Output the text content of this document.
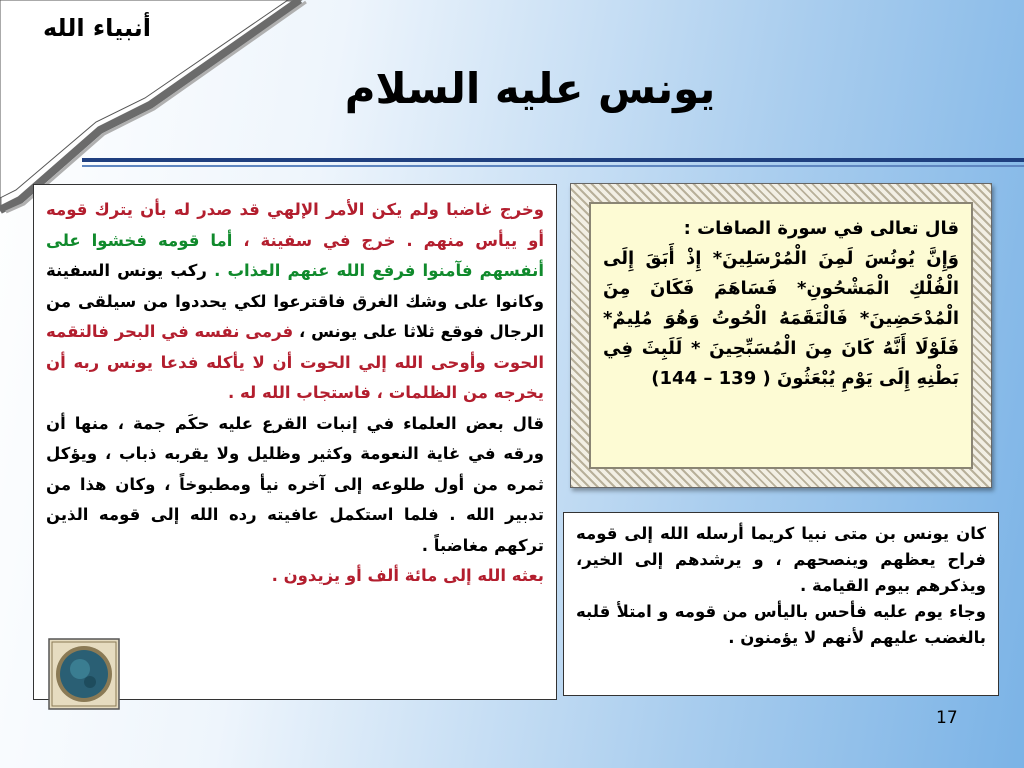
أنبياء الله
يونس عليه السلام
وخرج غاضبا ولم يكن الأمر الإلهي قد صدر له بأن يترك قومه أو ييأس منهم . خرج في سفينة ، أما قومه فخشوا على أنفسهم فآمنوا فرفع الله عنهم العذاب . ركب يونس السفينة وكانوا على وشك الغرق فاقترعوا لكي يحددوا من سيلقى من الرجال فوقع ثلاثا على يونس ، فرمى نفسه في البحر فالتقمه الحوت وأوحى الله إلي الحوت أن لا يأكله فدعا يونس ربه أن يخرجه من الظلمات ، فاستجاب الله له .
قال بعض العلماء في إنبات القرع عليه حكَم جمة ، منها أن ورقه في غاية النعومة وكثير وظليل ولا يقربه ذباب ، ويؤكل ثمره من أول طلوعه إلى آخره نيأ ومطبوخاً ، وكان هذا من تدبير الله . فلما استكمل عافيته رده الله إلى قومه الذين تركهم مغاضباً .
بعثه الله إلى مائة ألف أو يزيدون .
قال تعالى في سورة الصافات :
وَإِنَّ يُونُسَ لَمِنَ الْمُرْسَلِينَ* إِذْ أَبَقَ إِلَى الْفُلْكِ الْمَشْحُونِ* فَسَاهَمَ فَكَانَ مِنَ الْمُدْحَضِينَ* فَالْتَقَمَهُ الْحُوتُ وَهُوَ مُلِيمٌ* فَلَوْلَا أَنَّهُ كَانَ مِنَ الْمُسَبِّحِينَ * لَلَبِثَ فِي بَطْنِهِ إِلَى يَوْمِ يُبْعَثُونَ ( 139 – 144)
كان يونس بن متى نبيا كريما أرسله الله إلى قومه فراح يعظهم وينصحهم ، و يرشدهم إلى الخير، ويذكرهم بيوم القيامة .
وجاء يوم عليه فأحس باليأس من قومه و امتلأ قلبه بالغضب عليهم لأنهم لا يؤمنون .
17
